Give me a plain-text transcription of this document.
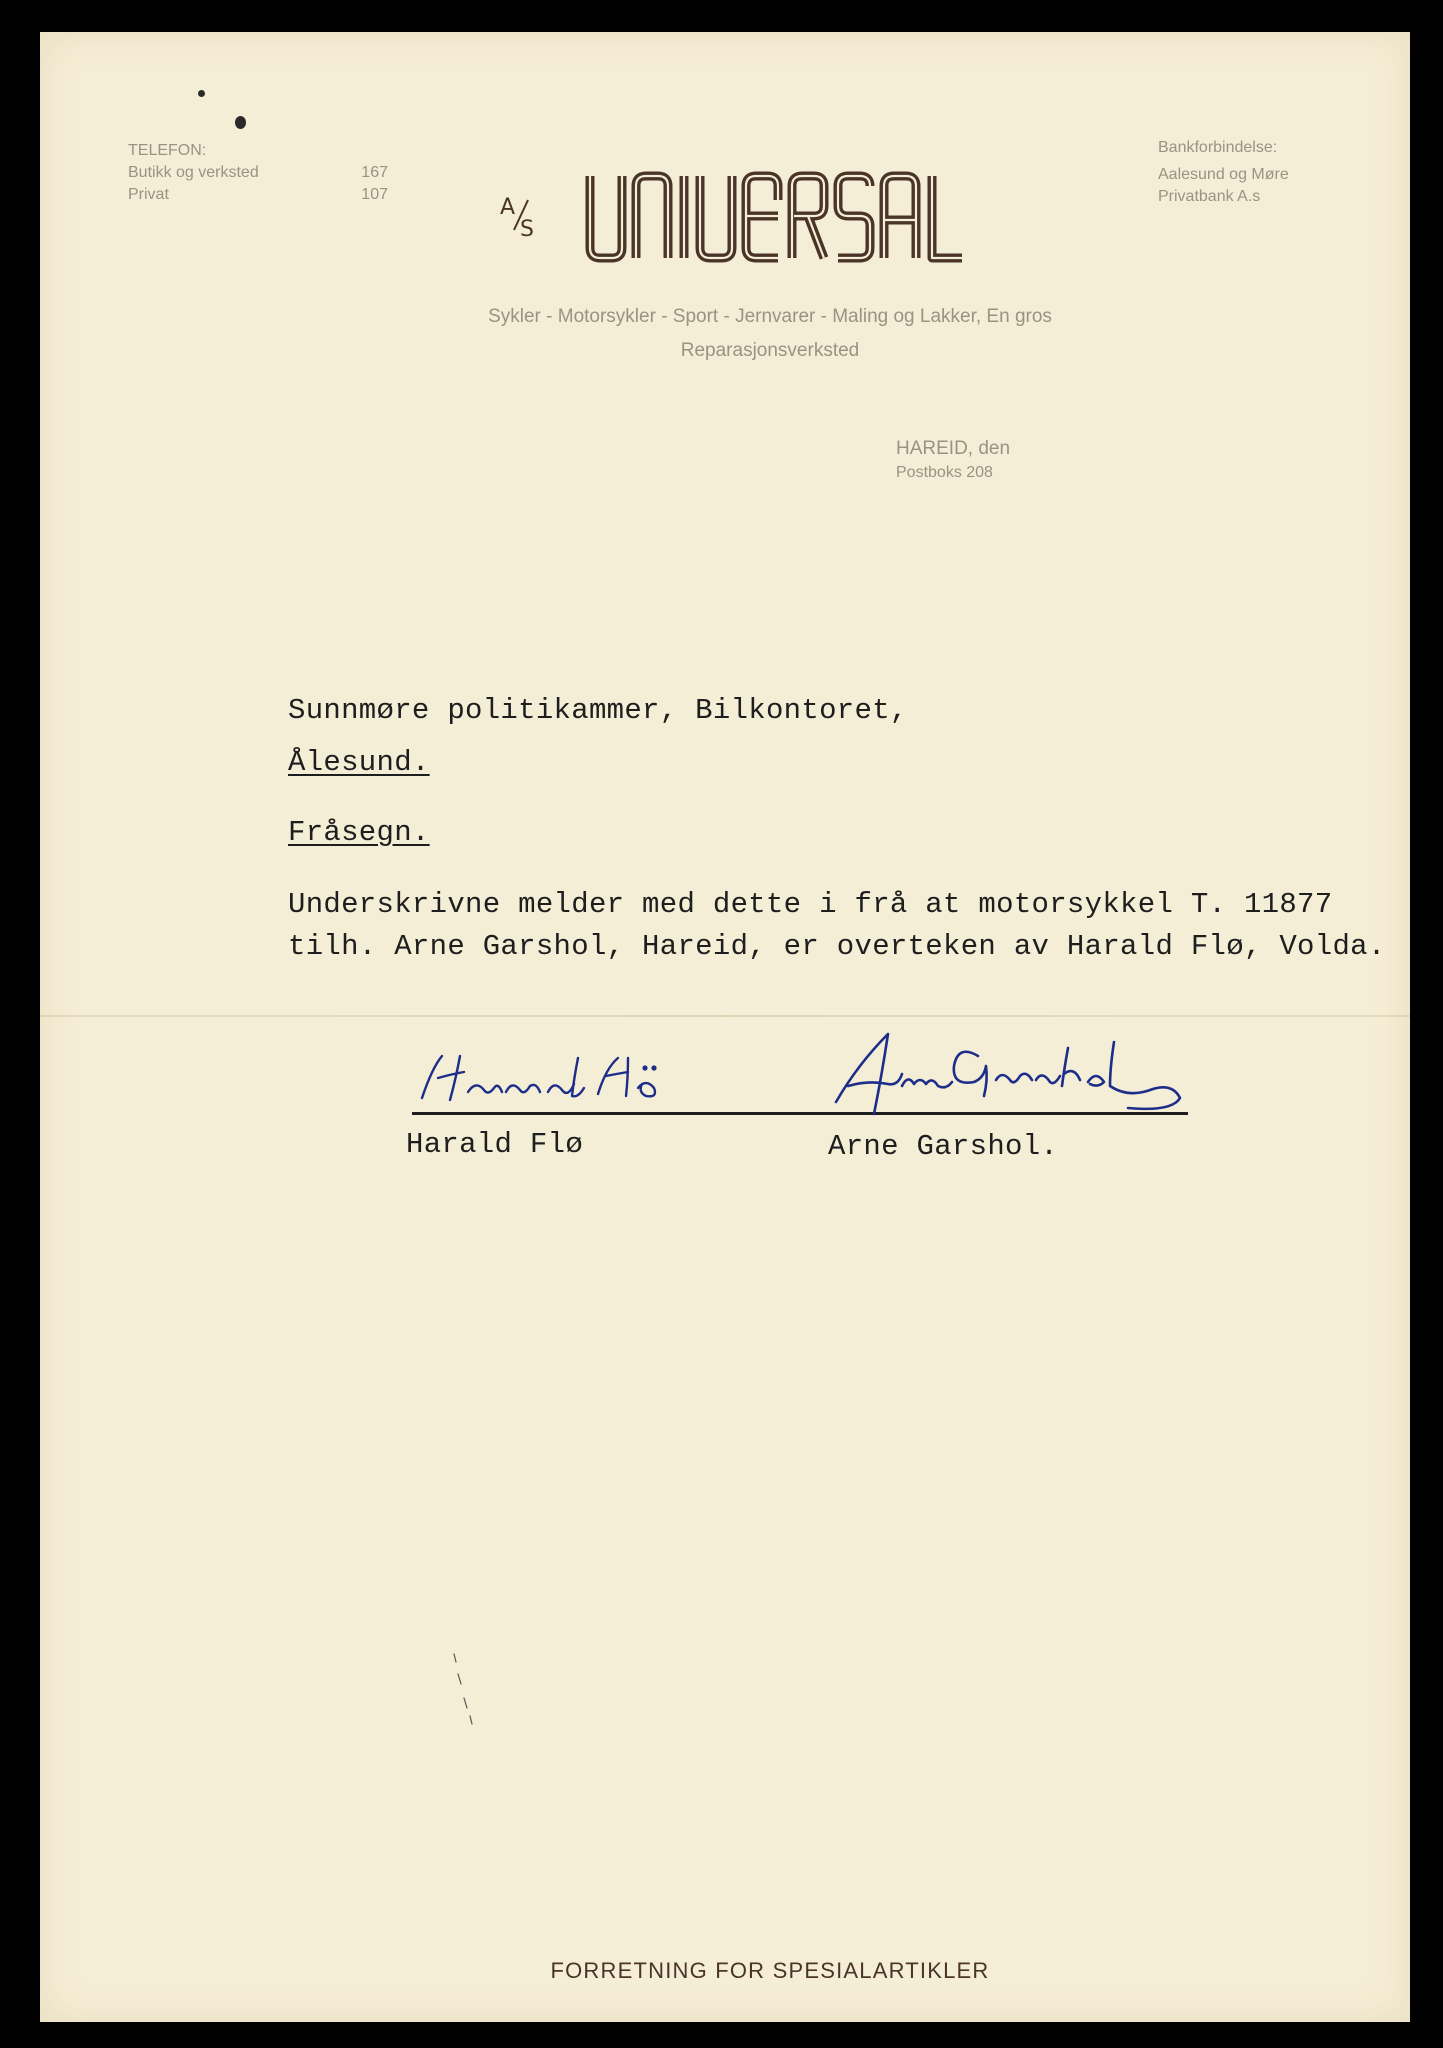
TELEFON:
Butikk og verksted	167
Privat	107
A
S
Bankforbindelse:
Aalesund og Møre
Privatbank A.s
Sykler - Motorsykler - Sport - Jernvarer - Maling og Lakker, En gros
Reparasjonsverksted
HAREID, den
Postboks 208
Sunnmøre politikammer, Bilkontoret,
Ålesund.
Fråsegn.
Underskrivne melder med dette i frå at motorsykkel T. 11877
tilh. Arne Garshol, Hareid, er overteken av Harald Flø, Volda.
Harald Flø	Arne Garshol.
FORRETNING FOR SPESIALARTIKLER
